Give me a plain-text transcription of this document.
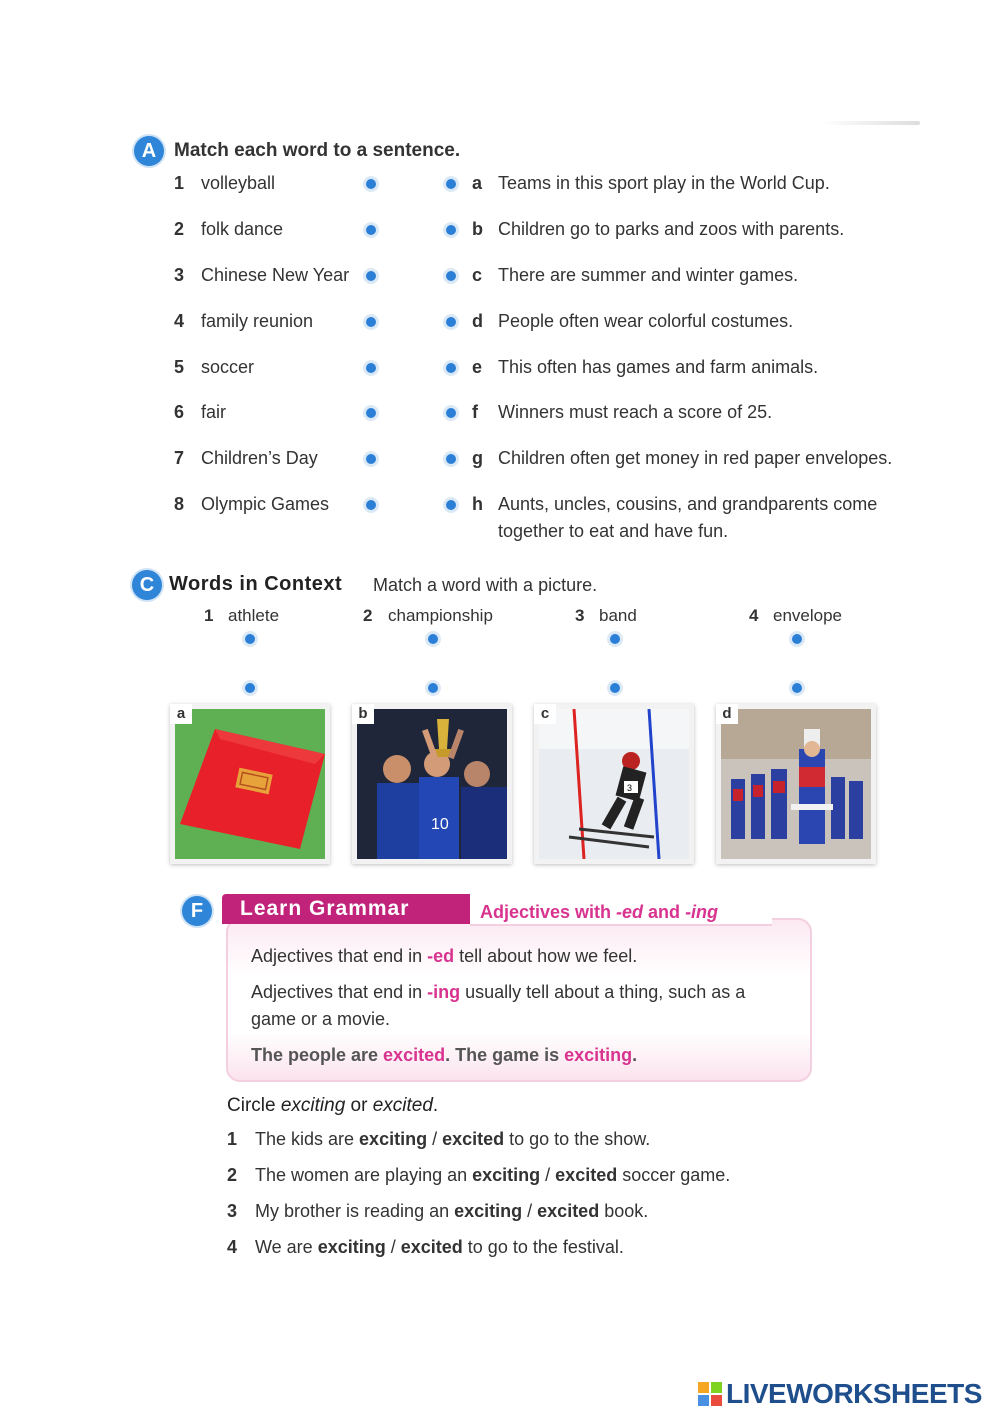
A Match each word to a sentence.
1 volleyball	a Teams in this sport play in the World Cup.
2 folk dance	b Children go to parks and zoos with parents.
3 Chinese New Year	c There are summer and winter games.
4 family reunion	d People often wear colorful costumes.
5 soccer	e This often has games and farm animals.
6 fair	f Winners must reach a score of 25.
7 Children’s Day	g Children often get money in red paper envelopes.
8 Olympic Games	h Aunts, uncles, cousins, and grandparents come together to eat and have fun.
C Words in Context Match a word with a picture.
1 athlete	2 championship	3 band	4 envelope
a	b
10
c
3
d
F	Learn Grammar	Adjectives with -ed and -ing
Adjectives that end in -ed tell about how we feel.
Adjectives that end in -ing usually tell about a thing, such as a game or a movie.
The people are excited. The game is exciting.
Circle exciting or excited.
1 The kids are exciting / excited to go to the show.
2 The women are playing an exciting / excited soccer game.
3 My brother is reading an exciting / excited book.
4 We are exciting / excited to go to the festival.
LIVEWORKSHEETS
